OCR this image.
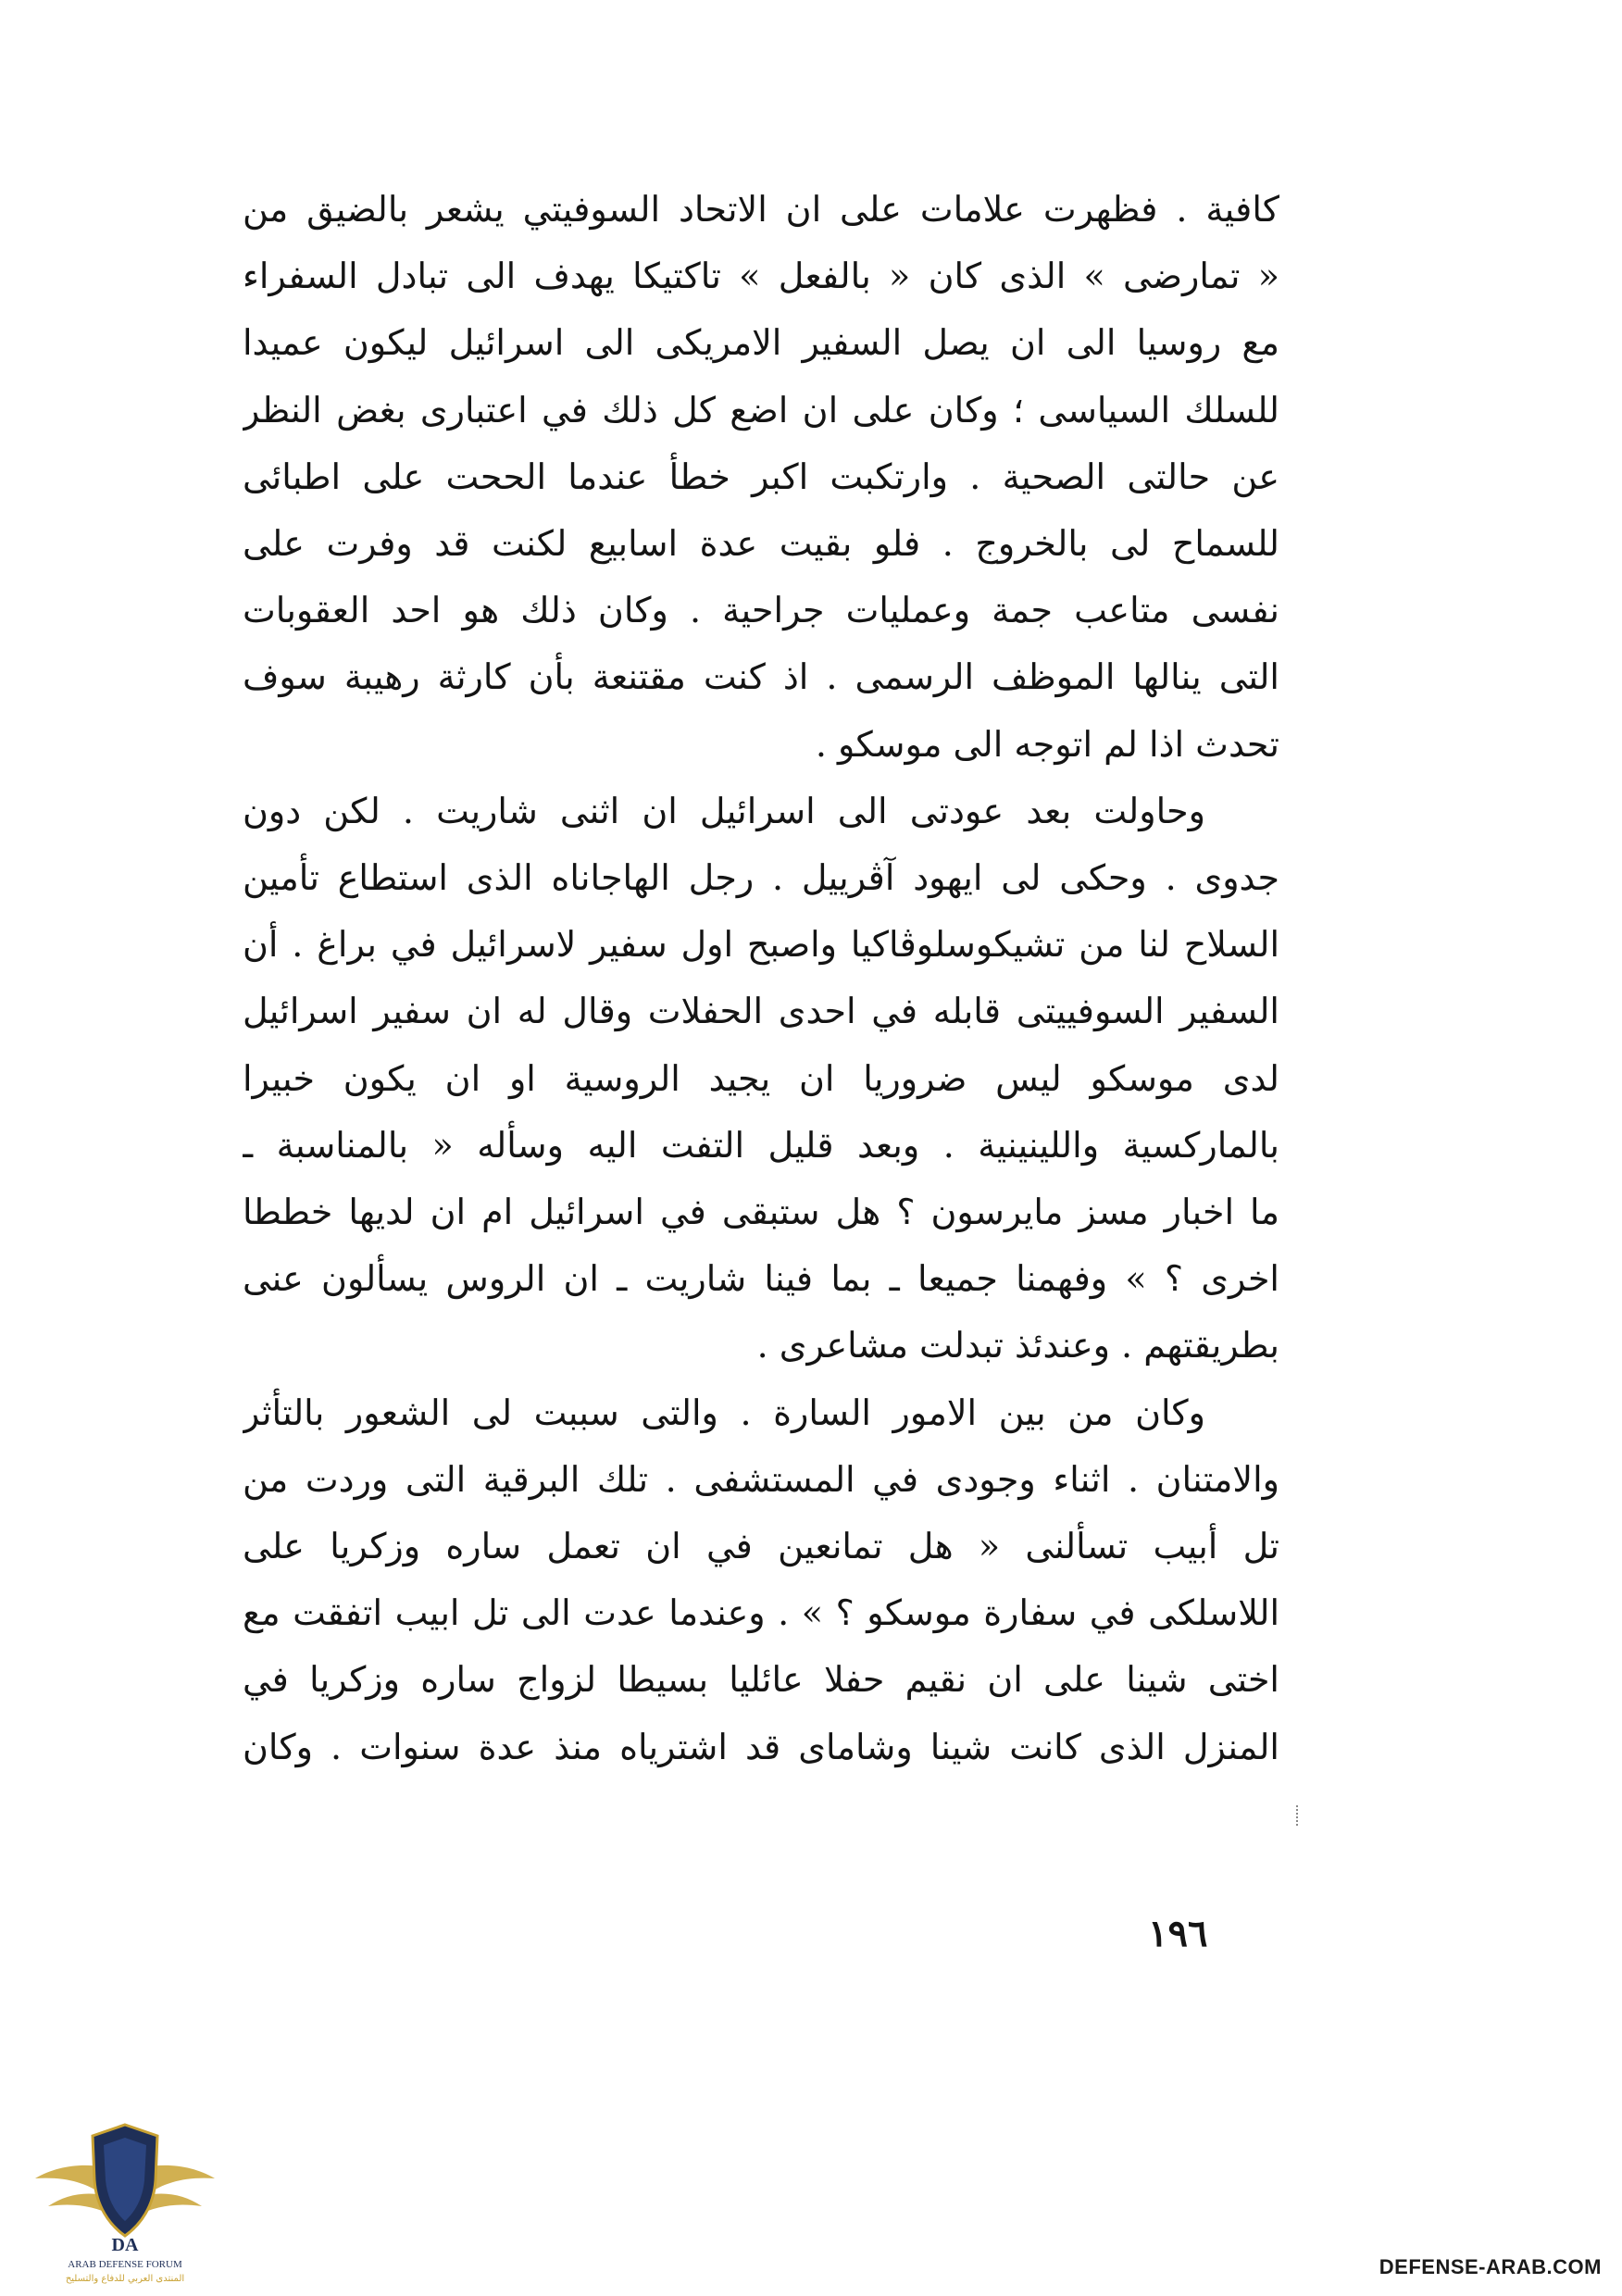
كافية . فظهرت علامات على ان الاتحاد السوفيتي يشعر بالضيق من
« تمارضى » الذى كان « بالفعل » تاكتيكا يهدف الى تبادل السفراء
مع روسيا الى ان يصل السفير الامريكى الى اسرائيل ليكون عميدا
للسلك السياسى ؛ وكان على ان اضع كل ذلك في اعتبارى بغض النظر
عن حالتى الصحية . وارتكبت اكبر خطأ عندما الححت على اطبائى
للسماح لى بالخروج . فلو بقيت عدة اسابيع لكنت قد وفرت على
نفسى متاعب جمة وعمليات جراحية . وكان ذلك هو احد العقوبات
التى ينالها الموظف الرسمى . اذ كنت مقتنعة بأن كارثة رهيبة سوف
تحدث اذا لم اتوجه الى موسكو .
وحاولت بعد عودتى الى اسرائيل ان اثنى شاريت . لكن دون
جدوى . وحكى لى ايهود آڤرييل . رجل الهاجاناه الذى استطاع تأمين
السلاح لنا من تشيكوسلوڤاكيا واصبح اول سفير لاسرائيل في براغ . أن
السفير السوفييتى قابله في احدى الحفلات وقال له ان سفير اسرائيل
لدى موسكو ليس ضروريا ان يجيد الروسية او ان يكون خبيرا
بالماركسية واللينينية . وبعد قليل التفت اليه وسأله « بالمناسبة ـ
ما اخبار مسز مايرسون ؟ هل ستبقى في اسرائيل ام ان لديها خططا
اخرى ؟ » وفهمنا جميعا ـ بما فينا شاريت ـ ان الروس يسألون عنى
بطريقتهم . وعندئذ تبدلت مشاعرى .
وكان من بين الامور السارة . والتى سببت لى الشعور بالتأثر
والامتنان . اثناء وجودى في المستشفى . تلك البرقية التى وردت من
تل أبيب تسألنى « هل تمانعين في ان تعمل ساره وزكريا على
اللاسلكى في سفارة موسكو ؟ » . وعندما عدت الى تل ابيب اتفقت مع
اختى شينا على ان نقيم حفلا عائليا بسيطا لزواج ساره وزكريا في
المنزل الذى كانت شينا وشاماى قد اشترياه منذ عدة سنوات . وكان
١٩٦
DA
ARAB DEFENSE FORUM
المنتدى العربي للدفاع والتسليح
DEFENSE-ARAB.COM
